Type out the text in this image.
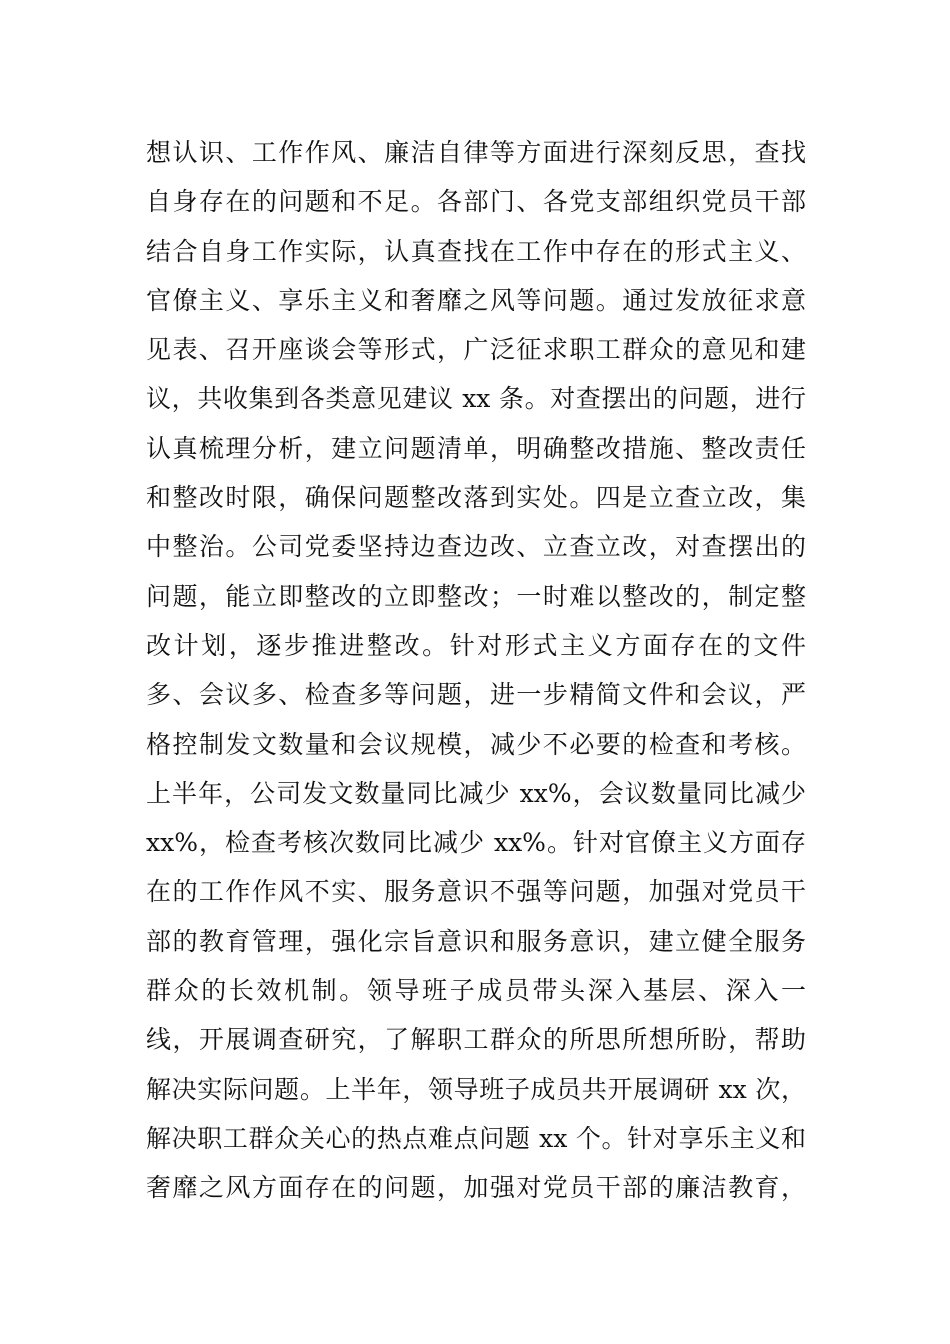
想认识、工作作风、廉洁自律等方面进行深刻反思，查找
自身存在的问题和不足。各部门、各党支部组织党员干部
结合自身工作实际，认真查找在工作中存在的形式主义、
官僚主义、享乐主义和奢靡之风等问题。通过发放征求意
见表、召开座谈会等形式，广泛征求职工群众的意见和建
议，共收集到各类意见建议 xx 条。对查摆出的问题，进行
认真梳理分析，建立问题清单，明确整改措施、整改责任
和整改时限，确保问题整改落到实处。四是立查立改，集
中整治。公司党委坚持边查边改、立查立改，对查摆出的
问题，能立即整改的立即整改；一时难以整改的，制定整
改计划，逐步推进整改。针对形式主义方面存在的文件
多、会议多、检查多等问题，进一步精简文件和会议，严
格控制发文数量和会议规模，减少不必要的检查和考核。
上半年，公司发文数量同比减少 xx%，会议数量同比减少
xx%，检查考核次数同比减少 xx%。针对官僚主义方面存
在的工作作风不实、服务意识不强等问题，加强对党员干
部的教育管理，强化宗旨意识和服务意识，建立健全服务
群众的长效机制。领导班子成员带头深入基层、深入一
线，开展调查研究，了解职工群众的所思所想所盼，帮助
解决实际问题。上半年，领导班子成员共开展调研 xx 次，
解决职工群众关心的热点难点问题 xx 个。针对享乐主义和
奢靡之风方面存在的问题，加强对党员干部的廉洁教育，
